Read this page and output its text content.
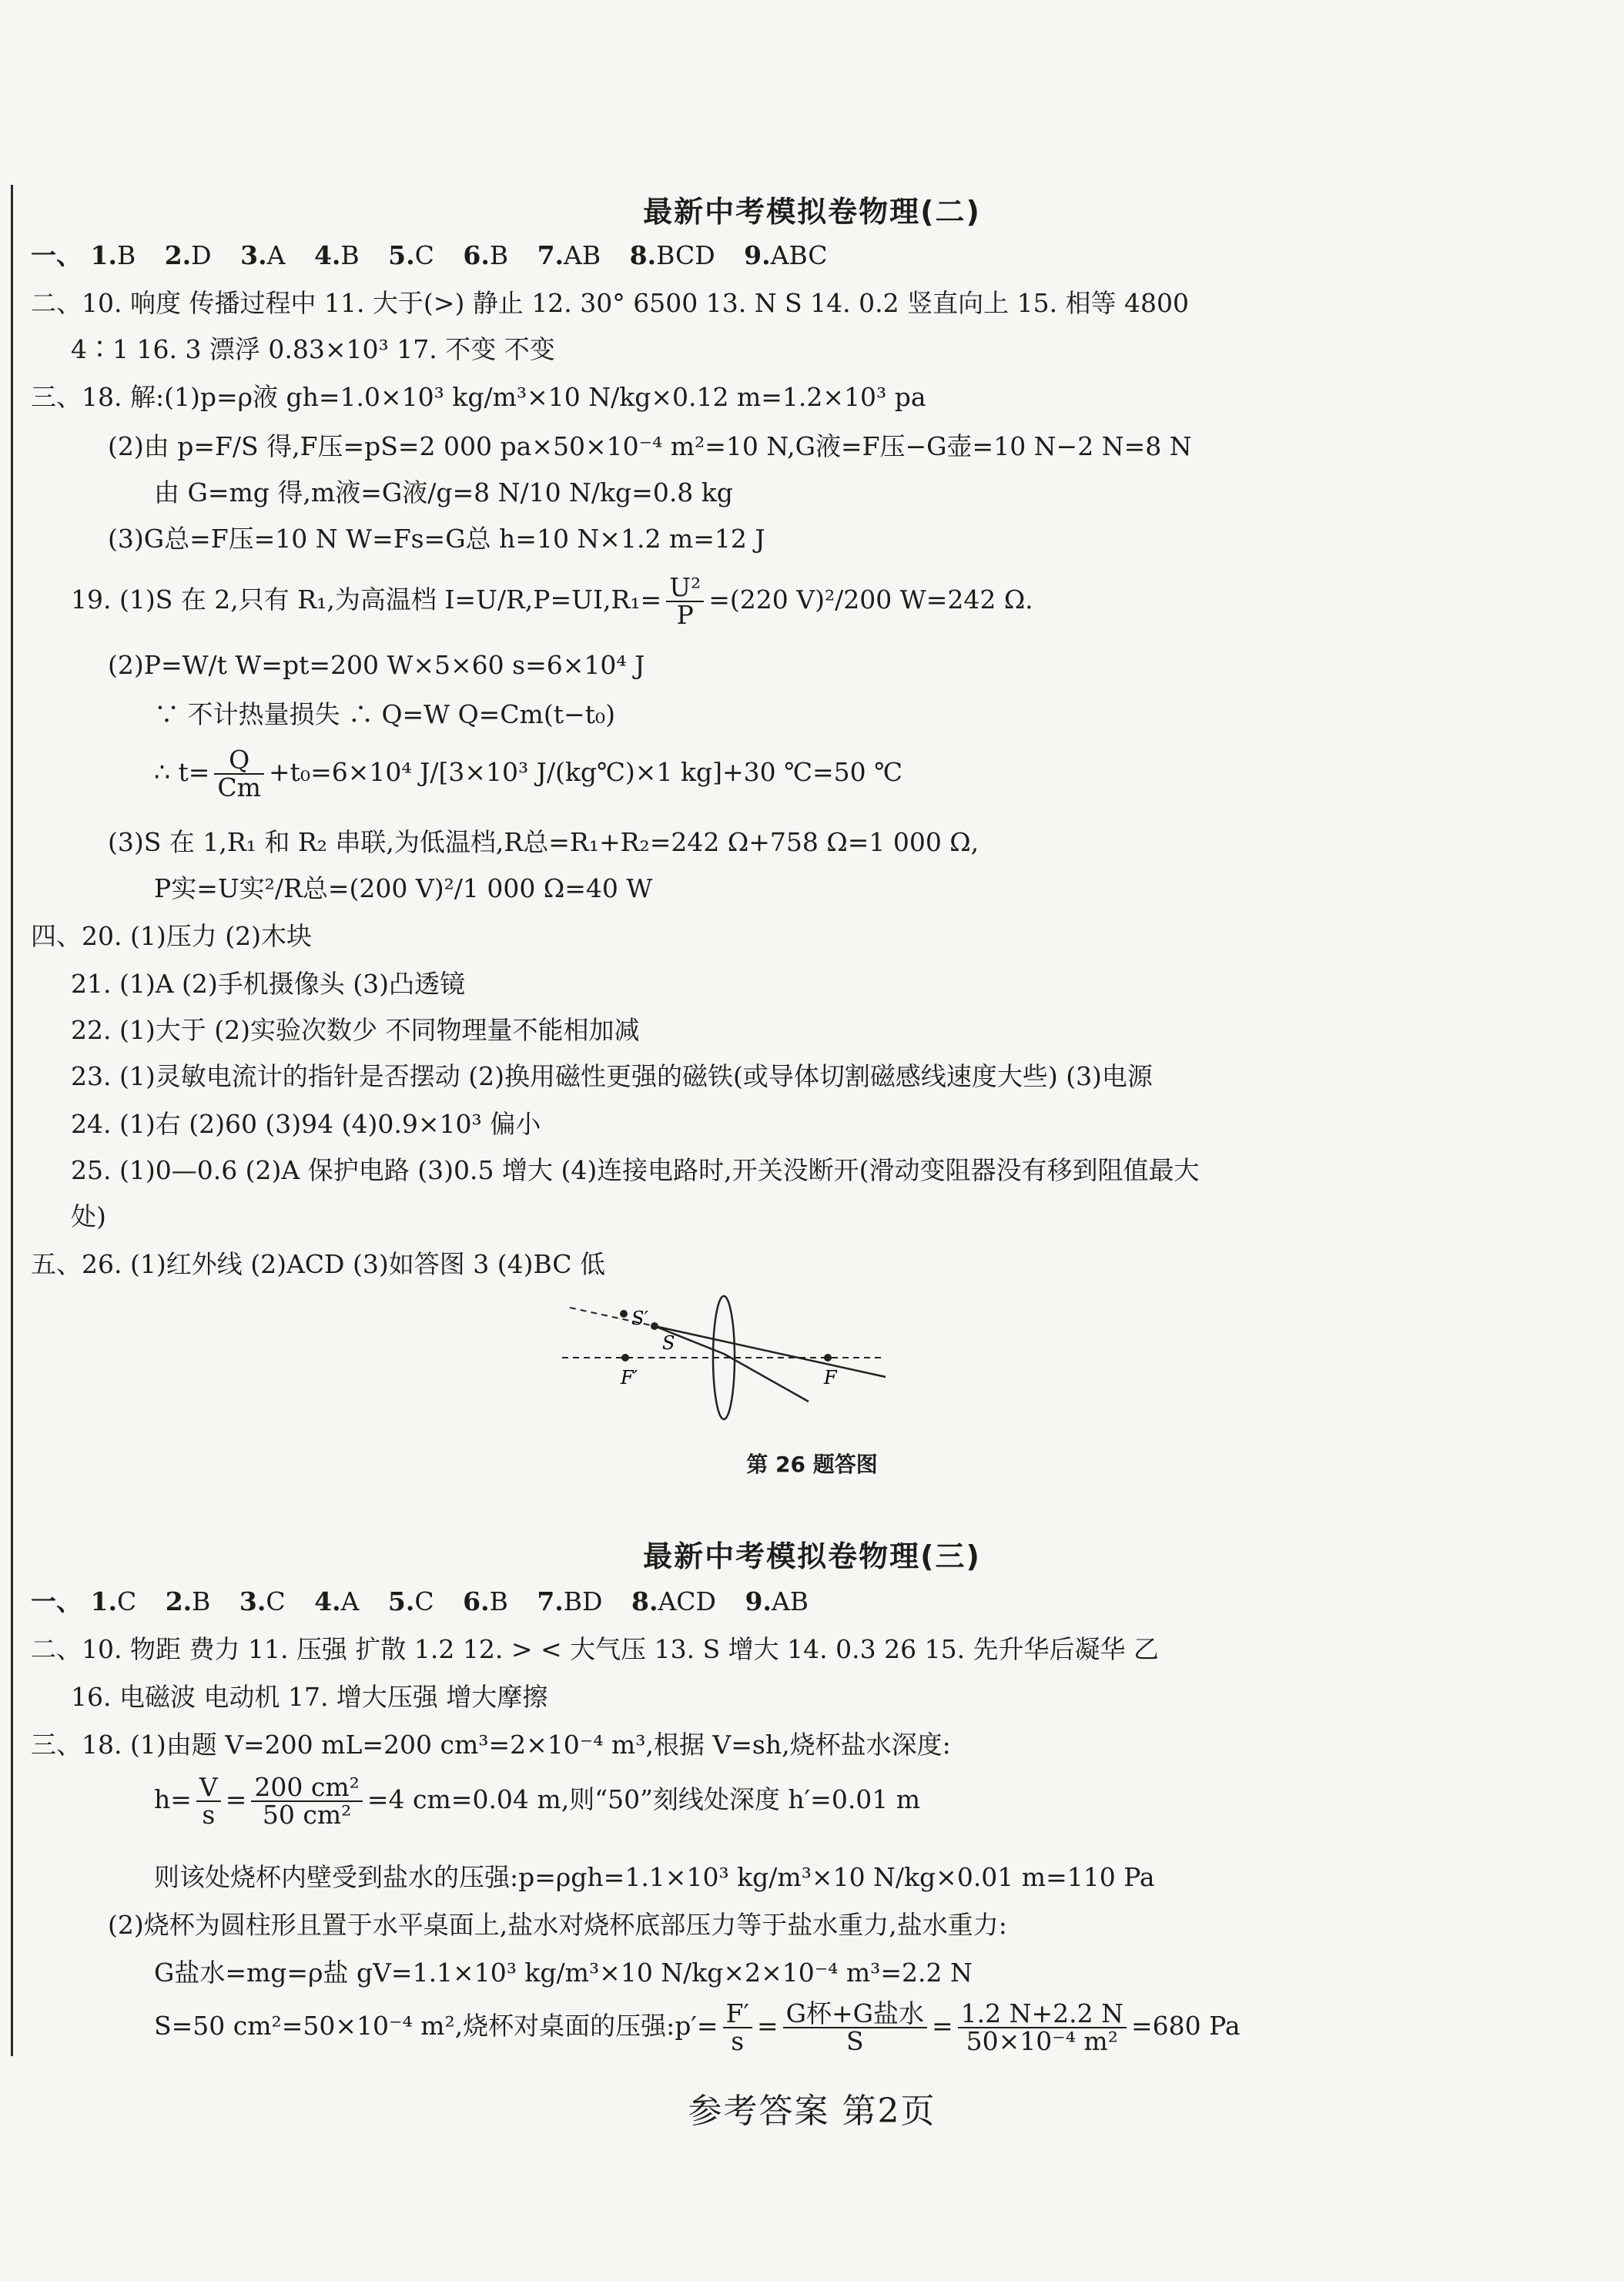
最新中考模拟卷物理(二)
一、 1.B 2.D 3.A 4.B 5.C 6.B 7.AB 8.BCD 9.ABC
二、10. 响度 传播过程中 11. 大于(>) 静止 12. 30° 6500 13. N S 14. 0.2 竖直向上 15. 相等 4800
4∶1 16. 3 漂浮 0.83×10³ 17. 不变 不变
三、18. 解:(1)p=ρ液 gh=1.0×10³ kg/m³×10 N/kg×0.12 m=1.2×10³ pa
(2)由 p=F/S 得,F压=pS=2 000 pa×50×10⁻⁴ m²=10 N,G液=F压−G壶=10 N−2 N=8 N
由 G=mg 得,m液=G液/g=8 N/10 N/kg=0.8 kg
(3)G总=F压=10 N W=Fs=G总 h=10 N×1.2 m=12 J
19. (1)S 在 2,只有 R₁,为高温档 $I=U/R,P=UI,R_1= \frac{\text{U²}}{P} =(220$ V)²/200 W=242 Ω.
(2)P=W/t W=pt=200 W×5×60 s=6×10⁴ J
∵ 不计热量损失 ∴ Q=W Q=Cm(t−t₀)
∴ $t= \frac{Q}{Cm} +t_0=6\times 10^4$ J/[3×10³ J/(kg℃)×1 kg]+30 ℃=50 ℃
(3)S 在 1,R₁ 和 R₂ 串联,为低温档,R总=R₁+R₂=242 Ω+758 Ω=1 000 Ω,
P实=U实²/R总=(200 V)²/1 000 Ω=40 W
四、20. (1)压力 (2)木块
21. (1)A (2)手机摄像头 (3)凸透镜
22. (1)大于 (2)实验次数少 不同物理量不能相加减
23. (1)灵敏电流计的指针是否摆动 (2)换用磁性更强的磁铁(或导体切割磁感线速度大些) (3)电源
24. (1)右 (2)60 (3)94 (4)0.9×10³ 偏小
25. (1)0—0.6 (2)A 保护电路 (3)0.5 增大 (4)连接电路时,开关没断开(滑动变阻器没有移到阻值最大
处)
五、26. (1)红外线 (2)ACD (3)如答图 3 (4)BC 低
S′
S
F′	F
第 26 题答图
最新中考模拟卷物理(三)
一、 1.C 2.B 3.C 4.A 5.C 6.B 7.BD 8.ACD 9.AB
二、10. 物距 费力 11. 压强 扩散 1.2 12. > < 大气压 13. S 增大 14. 0.3 26 15. 先升华后凝华 乙
16. 电磁波 电动机 17. 增大压强 增大摩擦
三、18. (1)由题 V=200 mL=200 cm³=2×10⁻⁴ m³,根据 V=sh,烧杯盐水深度:
$h= \frac{V}{s} = \frac{\text{200 cm²}}{\text{50 cm²}} =4$ cm=0.04 m,则“50”刻线处深度 h′=0.01 m
则该处烧杯内壁受到盐水的压强:p=ρgh=1.1×10³ kg/m³×10 N/kg×0.01 m=110 Pa
(2)烧杯为圆柱形且置于水平桌面上,盐水对烧杯底部压力等于盐水重力,盐水重力:
G盐水=mg=ρ盐 gV=1.1×10³ kg/m³×10 N/kg×2×10⁻⁴ m³=2.2 N
S=50 cm²=50×10⁻⁴ m²,烧杯对桌面的压强:p′= $\frac{F'}{s} = \frac{\text{G杯+G盐水}}{S} = \frac{1.2 N+2.2 N}{\text{50×10⁻⁴ m²}} =680$ Pa
参考答案 第2页
